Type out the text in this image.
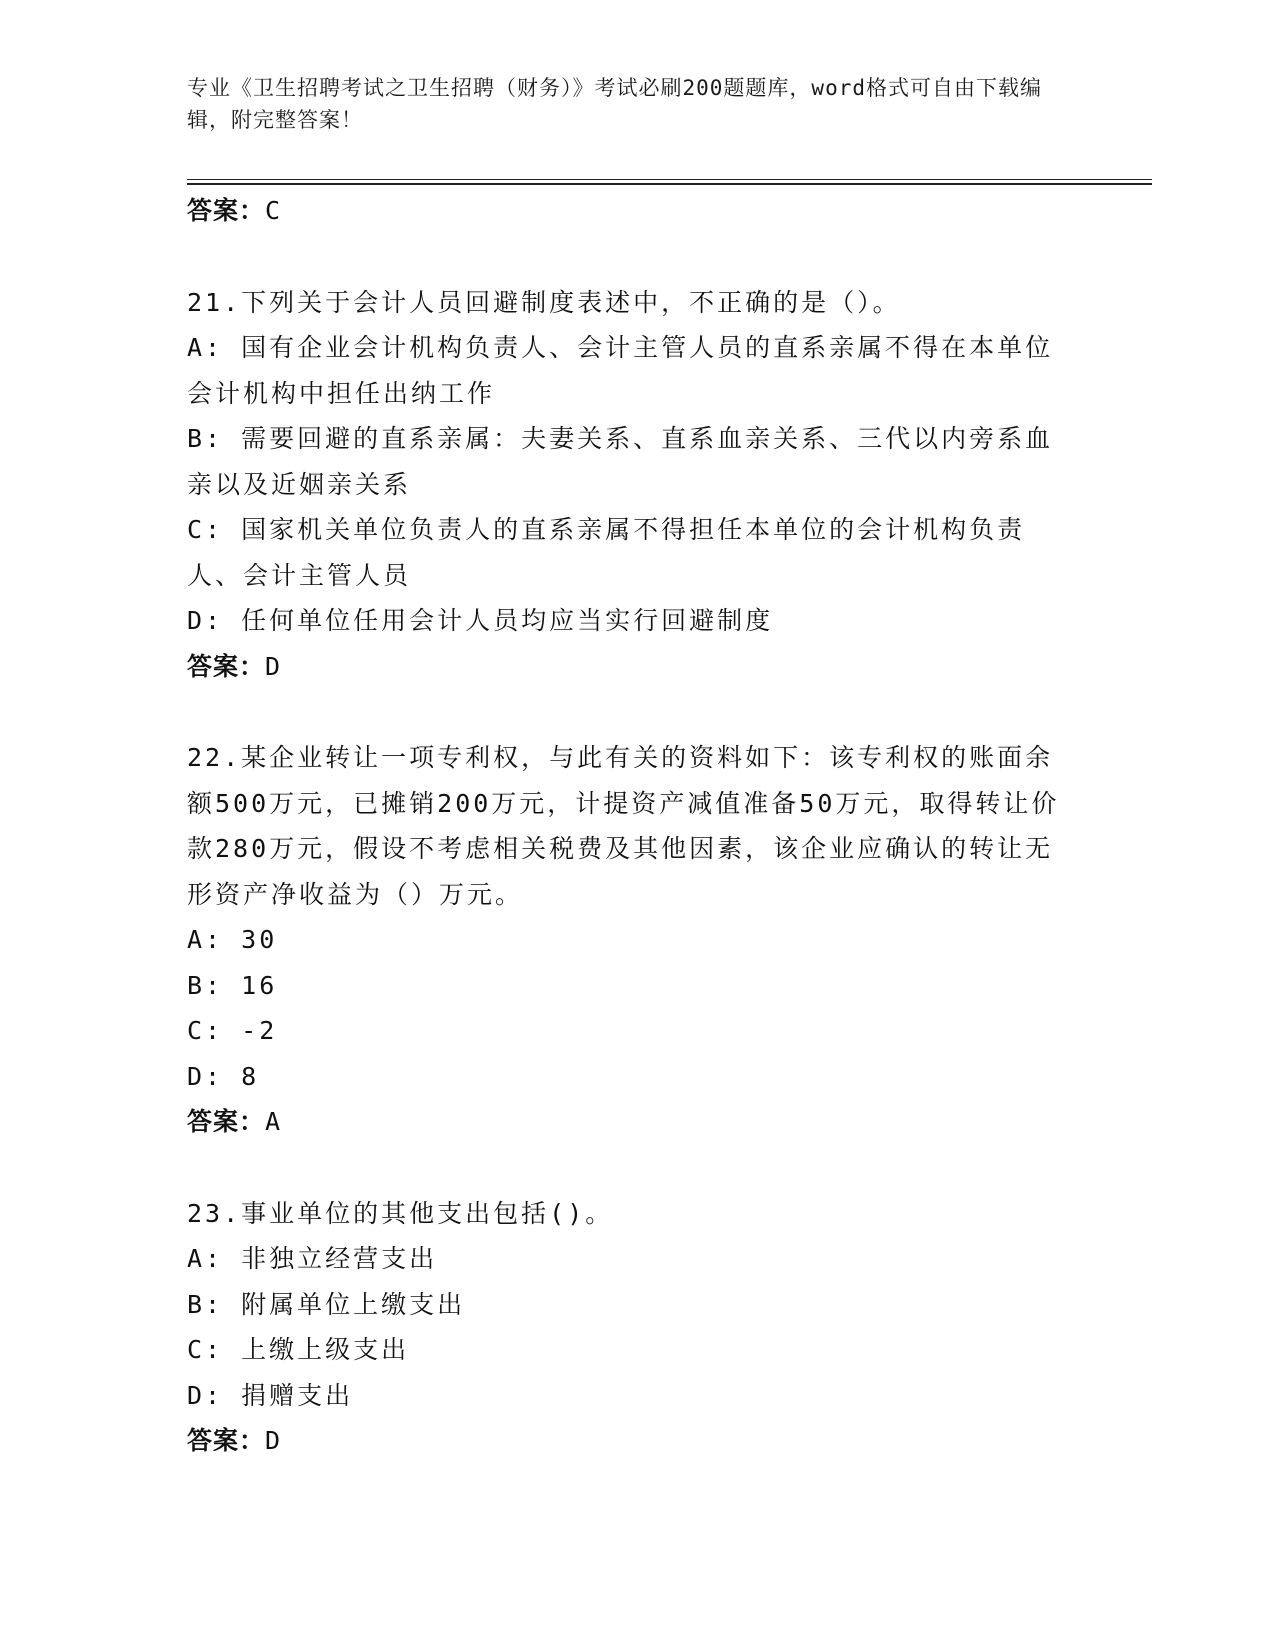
专业《卫生招聘考试之卫生招聘（财务）》考试必刷200题题库，word格式可自由下载编辑，附完整答案！
答案：C
21.下列关于会计人员回避制度表述中，不正确的是（）。
A: 国有企业会计机构负责人、会计主管人员的直系亲属不得在本单位会计机构中担任出纳工作
B: 需要回避的直系亲属：夫妻关系、直系血亲关系、三代以内旁系血亲以及近姻亲关系
C: 国家机关单位负责人的直系亲属不得担任本单位的会计机构负责人、会计主管人员
D: 任何单位任用会计人员均应当实行回避制度
答案：D
22.某企业转让一项专利权，与此有关的资料如下：该专利权的账面余额500万元，已摊销200万元，计提资产减值准备50万元，取得转让价款280万元，假设不考虑相关税费及其他因素，该企业应确认的转让无形资产净收益为（）万元。
A: 30
B: 16
C: -2
D: 8
答案：A
23.事业单位的其他支出包括()。
A: 非独立经营支出
B: 附属单位上缴支出
C: 上缴上级支出
D: 捐赠支出
答案：D
